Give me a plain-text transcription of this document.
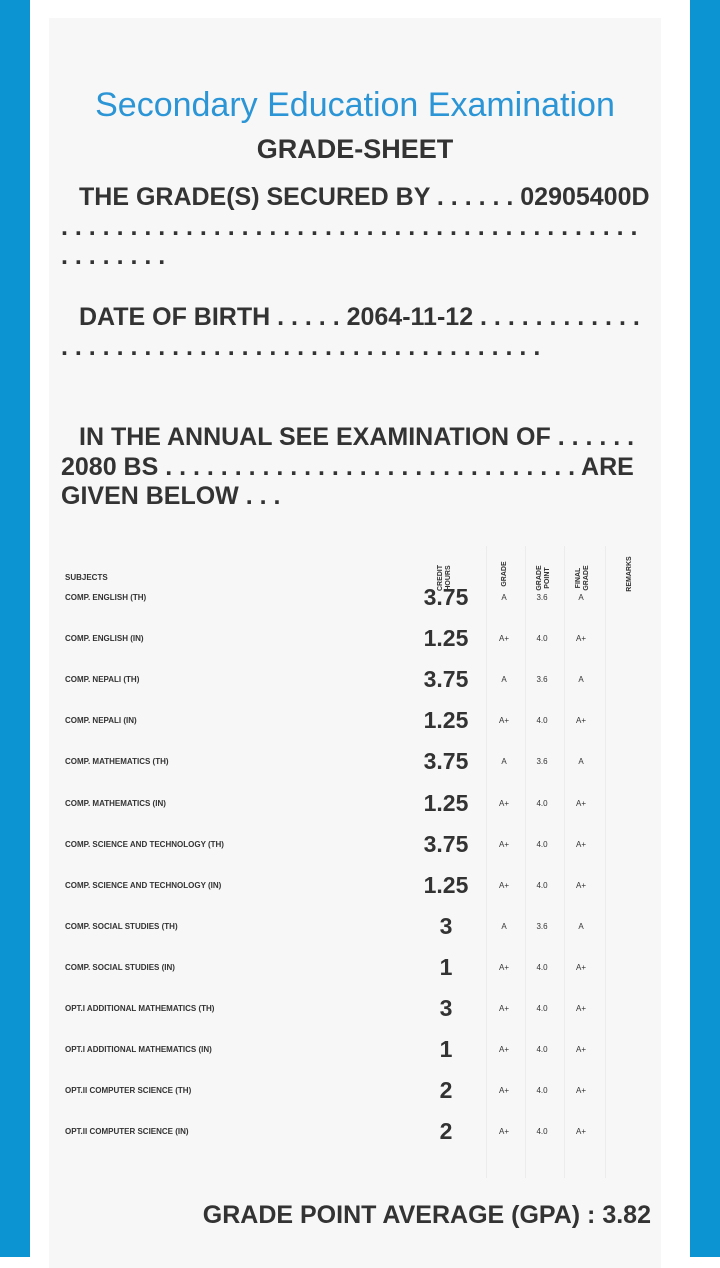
Secondary Education Examination
GRADE-SHEET
THE GRADE(S) SECURED BY . . . . . . 02905400D . . . . . . . . . . . . . . . . . . . . . . . . . . . . . . . . . . . . . . . . . . . . . . . . . .
DATE OF BIRTH . . . . . 2064-11-12 . . . . . . . . . . . . . . . . . . . . . . . . . . . . . . . . . . . . . . . . . . . . . . .
IN THE ANNUAL SEE EXAMINATION OF . . . . . . 2080 BS . . . . . . . . . . . . . . . . . . . . . . . . . . . . . . ARE GIVEN BELOW . . .
SUBJECTS	CREDIT HOURS	GRADE	GRADE POINT	FINAL GRADE	REMARKS
COMP. ENGLISH (TH)	3.75	A	3.6	A
COMP. ENGLISH (IN)	1.25	A+	4.0	A+
COMP. NEPALI (TH)	3.75	A	3.6	A
COMP. NEPALI (IN)	1.25	A+	4.0	A+
COMP. MATHEMATICS (TH)	3.75	A	3.6	A
COMP. MATHEMATICS (IN)	1.25	A+	4.0	A+
COMP. SCIENCE AND TECHNOLOGY (TH)	3.75	A+	4.0	A+
COMP. SCIENCE AND TECHNOLOGY (IN)	1.25	A+	4.0	A+
COMP. SOCIAL STUDIES (TH)	3	A	3.6	A
COMP. SOCIAL STUDIES (IN)	1	A+	4.0	A+
OPT.I ADDITIONAL MATHEMATICS (TH)	3	A+	4.0	A+
OPT.I ADDITIONAL MATHEMATICS (IN)	1	A+	4.0	A+
OPT.II COMPUTER SCIENCE (TH)	2	A+	4.0	A+
OPT.II COMPUTER SCIENCE (IN)	2	A+	4.0	A+
GRADE POINT AVERAGE (GPA) : 3.82
